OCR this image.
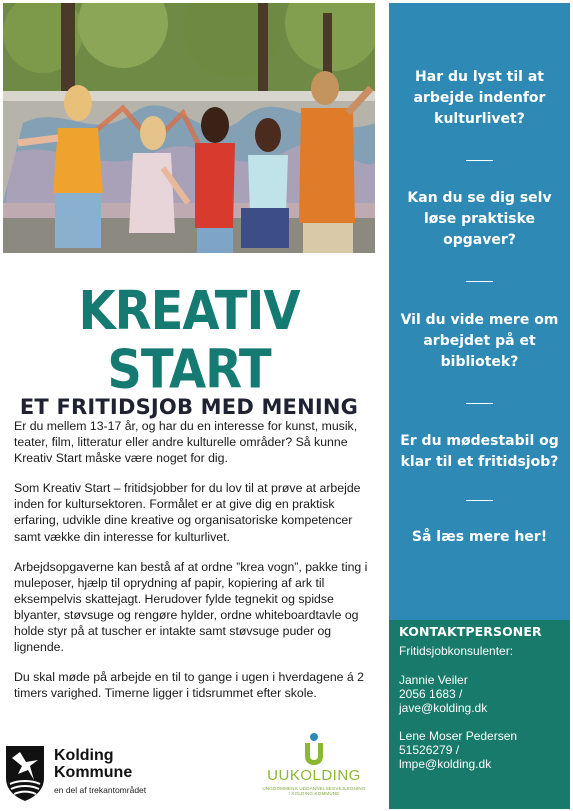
KREATIV START
ET FRITIDSJOB MED MENING

Er du mellem 13-17 år, og har du en interesse for kunst, musik, teater, film, litteratur eller andre kulturelle områder? Så kunne Kreativ Start måske være noget for dig.

Som Kreativ Start – fritidsjobber for du lov til at prøve at arbejde inden for kultursektoren. Formålet er at give dig en praktisk erfaring, udvikle dine kreative og organisatoriske kompetencer samt vække din interesse for kulturlivet.

Arbejdsopgaverne kan bestå af at ordne ”krea vogn”, pakke ting i muleposer, hjælp til oprydning af papir, kopiering af ark til eksempelvis skattejagt. Herudover fylde tegnekit og spidse blyanter, støvsuge og rengøre hylder, ordne whiteboardtavle og holde styr på at tuscher er intakte samt støvsuge puder og lignende.

Du skal møde på arbejde en til to gange i ugen i hverdagene á 2 timers varighed. Timerne ligger i tidsrummet efter skole.

Kolding
Kommune
en del af trekantområdet
UUKOLDING
UNGDOMMENS UDDANNELSESVEJLEDNING I KOLDING KOMMUNE
Har du lyst til at arbejde indenfor kulturlivet?
Kan du se dig selv løse praktiske opgaver?
Vil du vide mere om arbejdet på et bibliotek?
Er du mødestabil og klar til et fritidsjob?
Så læs mere her!
KONTAKTPERSONER
Fritidsjobkonsulenter:
Jannie Veiler
2056 1683 /
jave@kolding.dk
Lene Moser Pedersen
51526279 /
lmpe@kolding.dk
